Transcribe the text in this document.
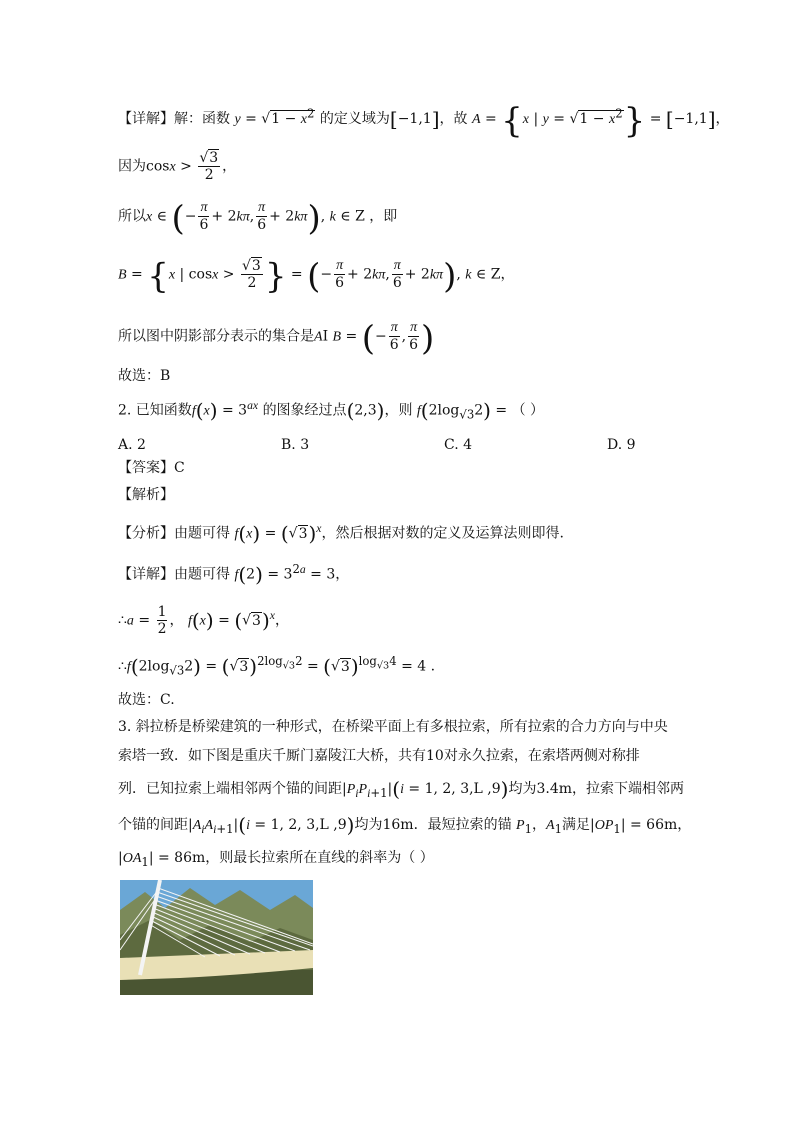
【详解】解：函数 $y = √1 - x^2$ 的定义域为[−1,1]，故 A = {x | $y = √1 - x^2\} = [-1,1]$，
因为$\cos x > \frac{√3}{2}$ ，
所以x ∈ (− $\frac{\pi}{6} + 2k\pi$, $\frac{\pi}{6} + 2k\pi$), k ∈ Z ，即
B = {x | $\cos x > \frac{√3}{2}$ } = (− $\frac{\pi}{6} + 2k\pi$, $\frac{\pi}{6} + 2k\pi$), k ∈ Z，
所以图中阴影部分表示的集合是AI B = (− $\frac{\pi}{6}$ , $\frac{\pi}{6}$ )
故选：B
2. 已知函数$f(x) = 3^{ax}$ 的图象经过点(2,3)，则 $f(2\log_{√3}2)$ = （ ）
A. 2	B. 3	C. 4	D. 9
【答案】C
【解析】
【分析】由题可得 $f(x) = (√3)^x$，然后根据对数的定义及运算法则即得.
【详解】由题可得 $f(2) = 3^{2a} = 3$，
∴a = $\frac{1}{2}$ ， $f(x) = (√3)^x$，
$\therefore f(2\log_{√3}2) = (√3)^{2log_{√3}2} = (√3)^{log_{√3}4} = 4$ .
故选：C.
3. 斜拉桥是桥梁建筑的一种形式，在桥梁平面上有多根拉索，所有拉索的合力方向与中央
索塔一致．如下图是重庆千厮门嘉陵江大桥，共有10对永久拉索，在索塔两侧对称排
列．已知拉索上端相邻两个锚的间距$|P_iP_{i+1}|(i = 1$, 2, 3,L ,9)均为3.4m，拉索下端相邻两
个锚的间距$|A_iA_{i+1}|(i = 1$, 2, 3,L ,9)均为16m．最短拉索的锚 $P_1$，$A_1$满足$|OP_1| = 66m$，
$|OA_1| = 86m$，则最长拉索所在直线的斜率为（ ）
